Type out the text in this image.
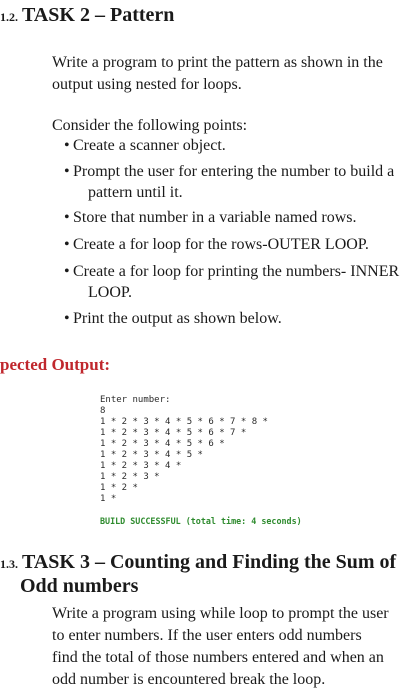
1.2. TASK 2 – Pattern
Write a program to print the pattern as shown in the
output using nested for loops.
Consider the following points:
• Create a scanner object.
• Prompt the user for entering the number to build a
pattern until it.
• Store that number in a variable named rows.
• Create a for loop for the rows-OUTER LOOP.
• Create a for loop for printing the numbers- INNER
LOOP.
• Print the output as shown below.
pected Output:
Enter number:
8
1 * 2 * 3 * 4 * 5 * 6 * 7 * 8 *
1 * 2 * 3 * 4 * 5 * 6 * 7 *
1 * 2 * 3 * 4 * 5 * 6 *
1 * 2 * 3 * 4 * 5 *
1 * 2 * 3 * 4 *
1 * 2 * 3 *
1 * 2 *
1 *
BUILD SUCCESSFUL (total time: 4 seconds)
1.3. TASK 3 – Counting and Finding the Sum of
Odd numbers
Write a program using while loop to prompt the user
to enter numbers. If the user enters odd numbers
find the total of those numbers entered and when an
odd number is encountered break the loop.
